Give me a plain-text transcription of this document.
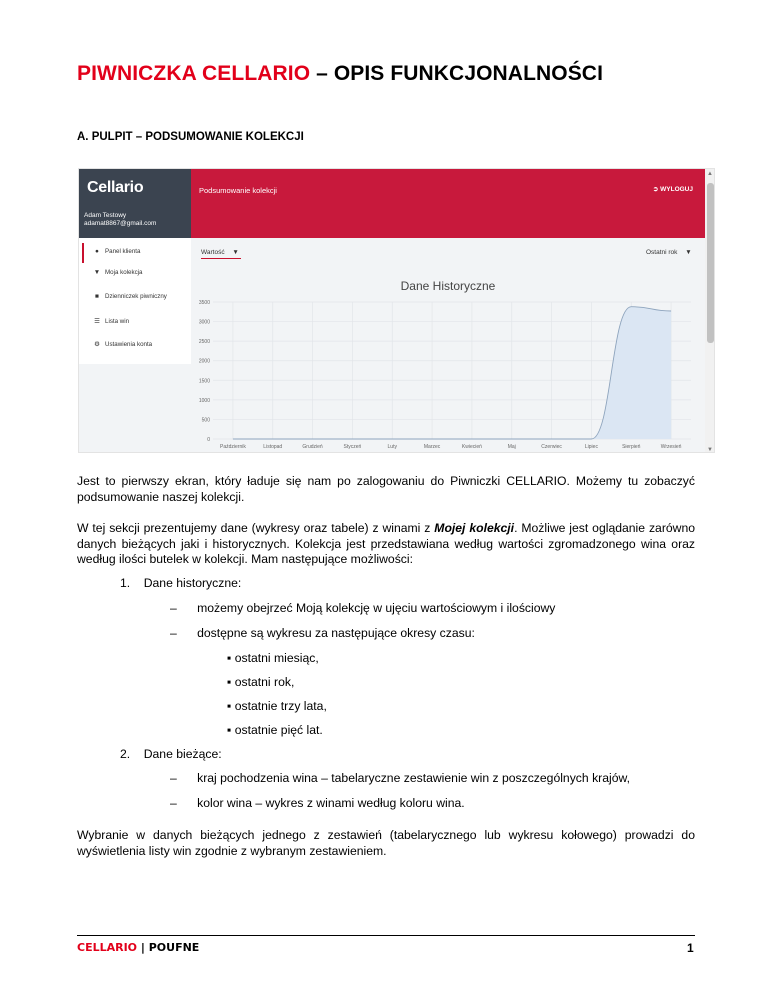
PIWNICZKA CELLARIO – OPIS FUNKCJONALNOŚCI
A. PULPIT – PODSUMOWANIE KOLEKCJI
Cellario
Adam Testowy
adamat8867@gmail.com
● Panel klienta
▼ Moja kolekcja
■ Dzienniczek piwniczny
☰ Lista win
⚙ Ustawienia konta
Podsumowanie kolekcji	➲ WYLOGUJ
Wartość ▼	Ostatni rok ▼
Dane Historyczne
0
500
1000
1500
2000
2500
3000
3500
Październik	Listopad	Grudzień	Styczeń	Luty	Marzec	Kwiecień	Maj	Czerwiec	Lipiec	Sierpień	Wrzesień
▲
▼
Jest to pierwszy ekran, który ładuje się nam po zalogowaniu do Piwniczki CELLARIO. Możemy tu zobaczyć podsumowanie naszej kolekcji.
W tej sekcji prezentujemy dane (wykresy oraz tabele) z winami z Mojej kolekcji. Możliwe jest oglądanie zarówno danych bieżących jaki i historycznych. Kolekcja jest przedstawiana według wartości zgromadzonego wina oraz według ilości butelek w kolekcji. Mam następujące możliwości:
1.    Dane historyczne:
–      możemy obejrzeć Moją kolekcję w ujęciu wartościowym i ilościowy
–      dostępne są wykresu za następujące okresy czasu:
▪ ostatni miesiąc,
▪ ostatni rok,
▪ ostatnie trzy lata,
▪ ostatnie pięć lat.
2.    Dane bieżące:
–      kraj pochodzenia wina – tabelaryczne zestawienie win z poszczególnych krajów,
–      kolor wina – wykres z winami według koloru wina.
Wybranie w danych bieżących jednego z zestawień (tabelarycznego lub wykresu kołowego) prowadzi do wyświetlenia listy win zgodnie z wybranym zestawieniem.
CELLARIO | POUFNE	1
